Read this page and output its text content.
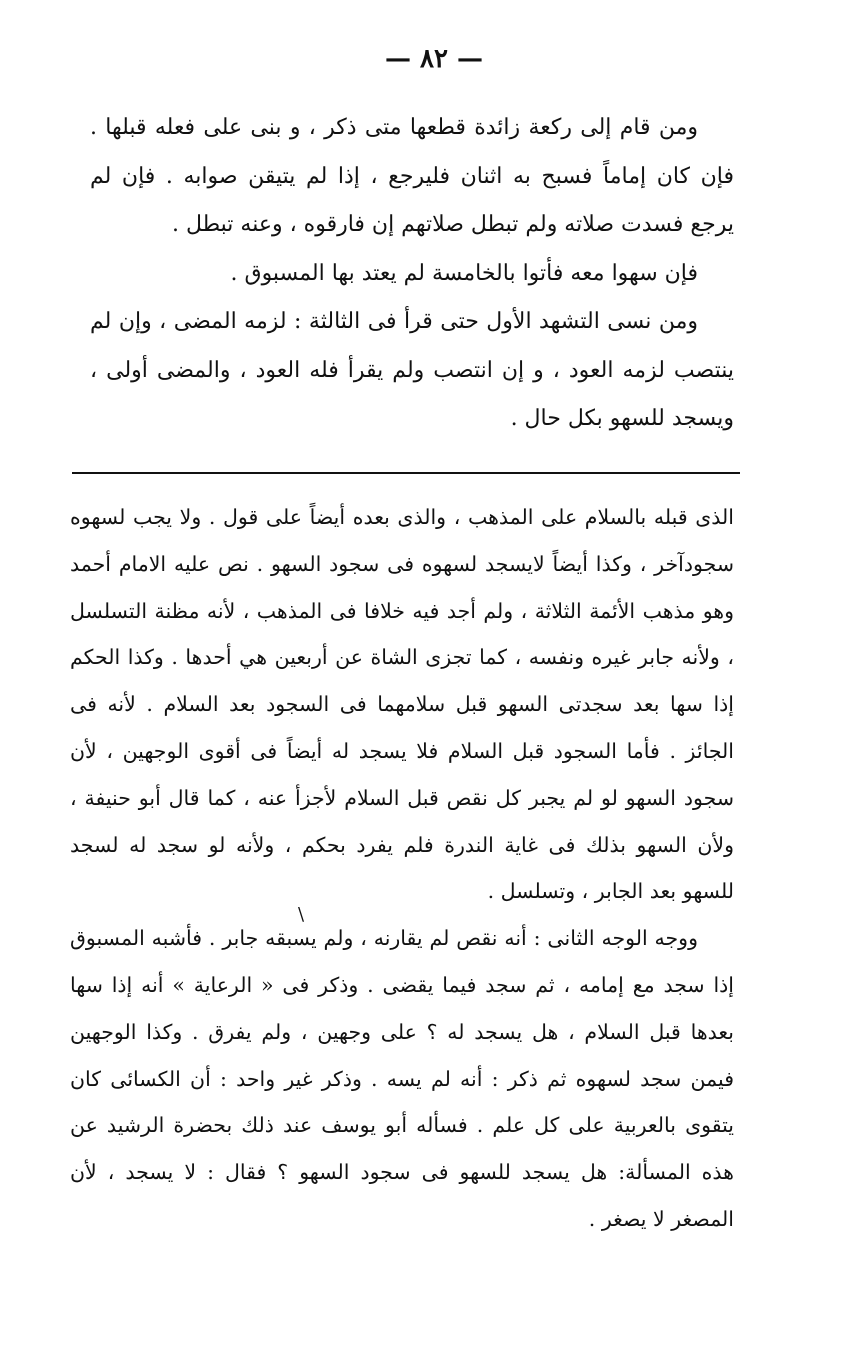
— ٨٢ —

ومن قام إلى ركعة زائدة قطعها متى ذكر ، و بنى على فعله قبلها . فإن كان إماماً فسبح به اثنان فليرجع ، إذا لم يتيقن صوابه . فإن لم يرجع فسدت صلاته ولم تبطل صلاتهم إن فارقوه ، وعنه تبطل .

فإن سهوا معه فأتوا بالخامسة لم يعتد بها المسبوق .

ومن نسى التشهد الأول حتى قرأ فى الثالثة : لزمه المضى ، وإن لم ينتصب لزمه العود ، و إن انتصب ولم يقرأ فله العود ، والمضى أولى ، ويسجد للسهو بكل حال .

الذى قبله بالسلام على المذهب ، والذى بعده أيضاً على قول . ولا يجب لسهوه سجودآخر ، وكذا أيضاً لايسجد لسهوه فى سجود السهو . نص عليه الامام أحمد وهو مذهب الأئمة الثلاثة ، ولم أجد فيه خلافا فى المذهب ، لأنه مظنة التسلسل ، ولأنه جابر غيره ونفسه ، كما تجزى الشاة عن أربعين هي أحدها . وكذا الحكم إذا سها بعد سجدتى السهو قبل سلامهما فى السجود بعد السلام . لأنه فى الجائز . فأما السجود قبل السلام فلا يسجد له أيضاً فى أقوى الوجهين ، لأن سجود السهو لو لم يجبر كل نقص قبل السلام لأجزأ عنه ، كما قال أبو حنيفة ، ولأن السهو بذلك فى غاية الندرة فلم يفرد بحكم ، ولأنه لو سجد له لسجد للسهو بعد الجابر ، وتسلسل .

ووجه الوجه الثانى : أنه نقص لم يقارنه ، ولم يسبقه جابر . فأشبه المسبوق إذا سجد مع إمامه ، ثم سجد فيما يقضى . وذكر فى « الرعاية » أنه إذا سها بعدها قبل السلام ، هل يسجد له ؟ على وجهين ، ولم يفرق . وكذا الوجهين فيمن سجد لسهوه ثم ذكر : أنه لم يسه . وذكر غير واحد : أن الكسائى كان يتقوى بالعربية على كل علم . فسأله أبو يوسف عند ذلك بحضرة الرشيد عن هذه المسألة: هل يسجد للسهو فى سجود السهو ؟ فقال : لا يسجد ، لأن المصغر لا يصغر .

\
